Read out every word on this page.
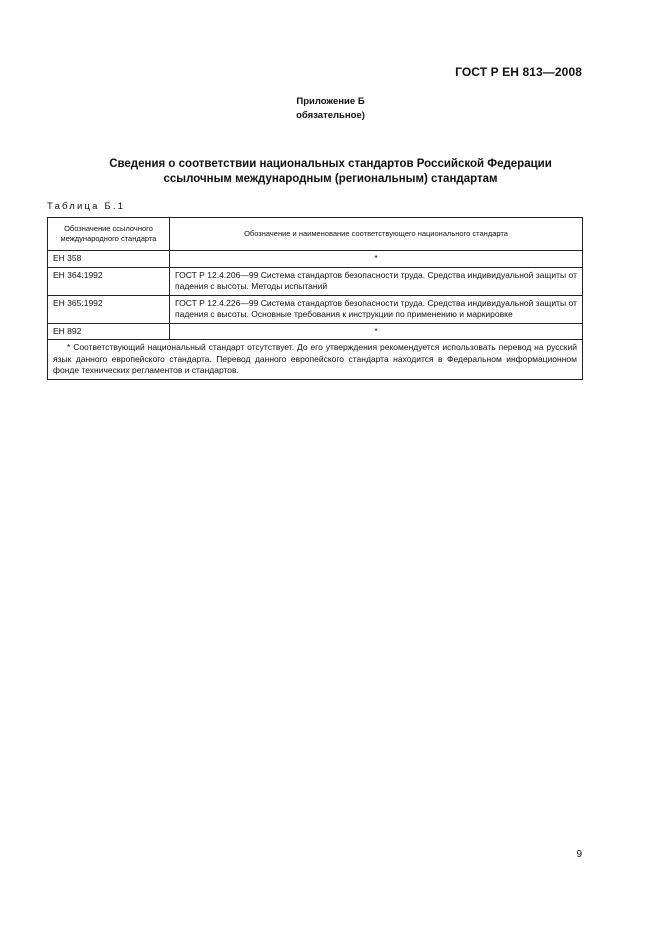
ГОСТ Р ЕН 813—2008
Приложение Б
обязательное)
Сведения о соответствии национальных стандартов Российской Федерации
ссылочным международным (региональным) стандартам
Таблица Б.1
Обозначение ссылочного международного стандарта	Обозначение и наименование соответствующего национального стандарта
ЕН 358	*
ЕН 364:1992	ГОСТ Р 12.4.206—99 Система стандартов безопасности труда. Средства индивидуальной защиты от падения с высоты. Методы испытаний
ЕН 365:1992	ГОСТ Р 12.4.226—99 Система стандартов безопасности труда. Средства индивидуальной защиты от падения с высоты. Основные требования к инструкции по применению и маркировке
ЕН 892	*
* Соответствующий национальный стандарт отсутствует. До его утверждения рекомендуется использовать перевод на русский язык данного европейского стандарта. Перевод данного европейского стандарта находится в Федеральном информационном фонде технических регламентов и стандартов.	
9
